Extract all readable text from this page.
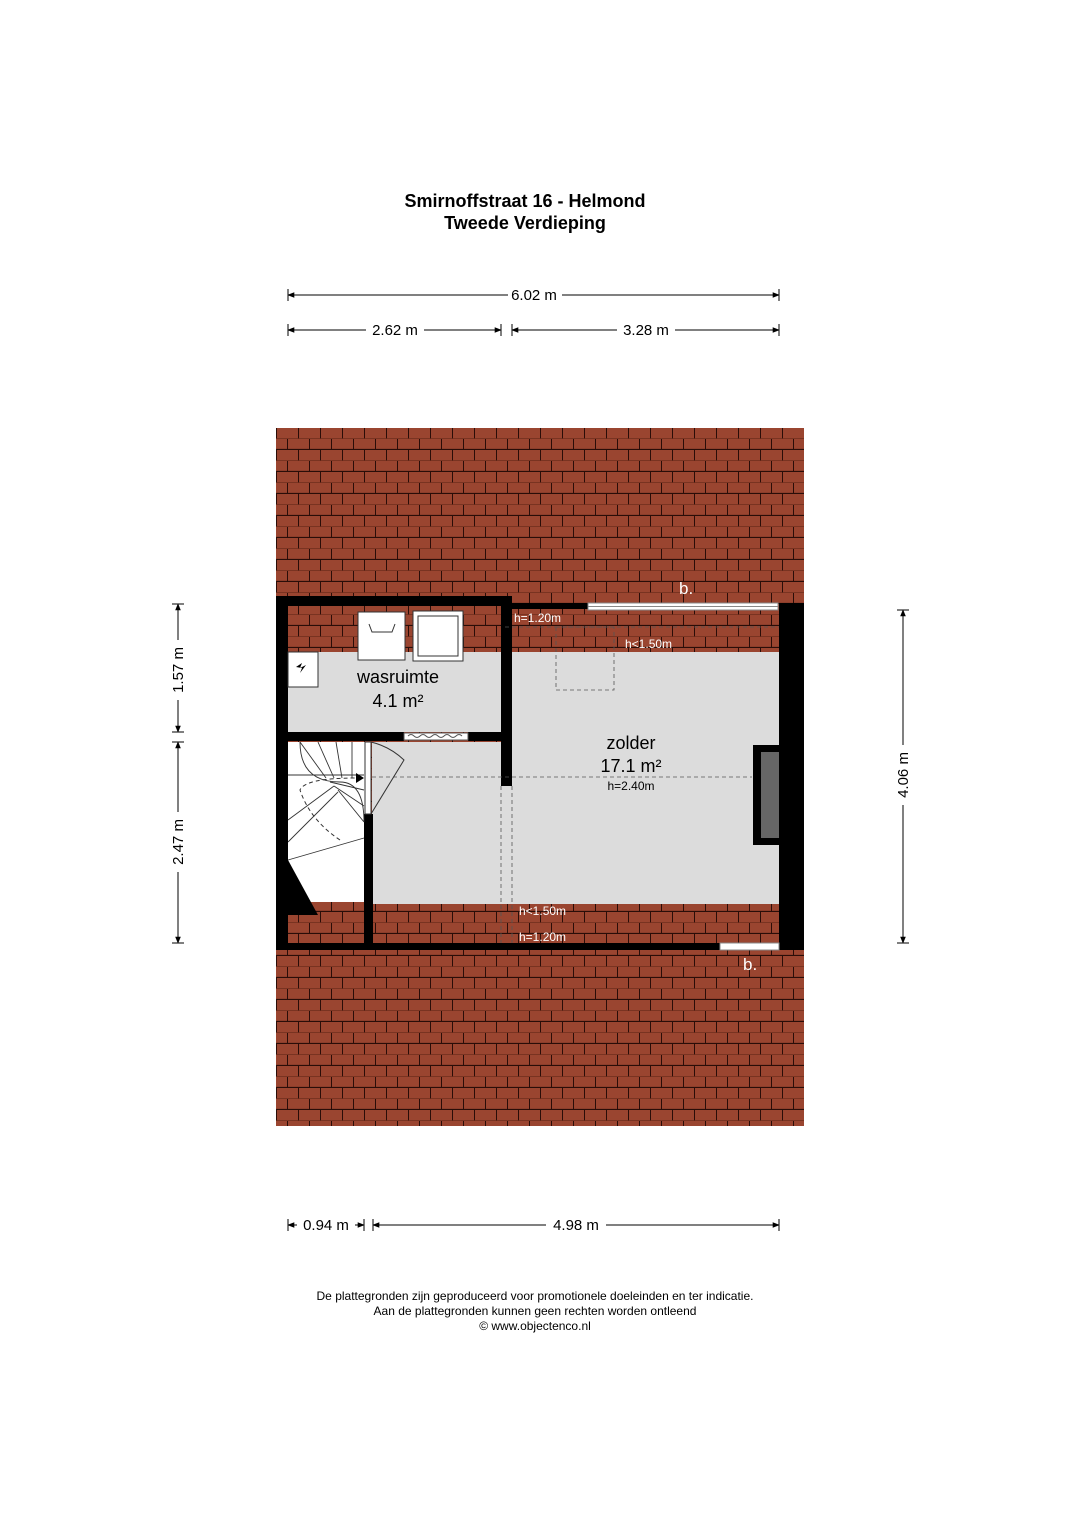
Smirnoffstraat 16 - Helmond
Tweede Verdieping
6.02 m
2.62 m	3.28 m
1.57 m
2.47 m
4.06 m
0.94 m	4.98 m
wasruimte
4.1 m²
zolder
17.1 m²
h=2.40m
h=1.20m
h<1.50m
h<1.50m
h=1.20m
b.
b.
De plattegronden zijn geproduceerd voor promotionele doeleinden en ter indicatie.
Aan de plattegronden kunnen geen rechten worden ontleend
© www.objectenco.nl
